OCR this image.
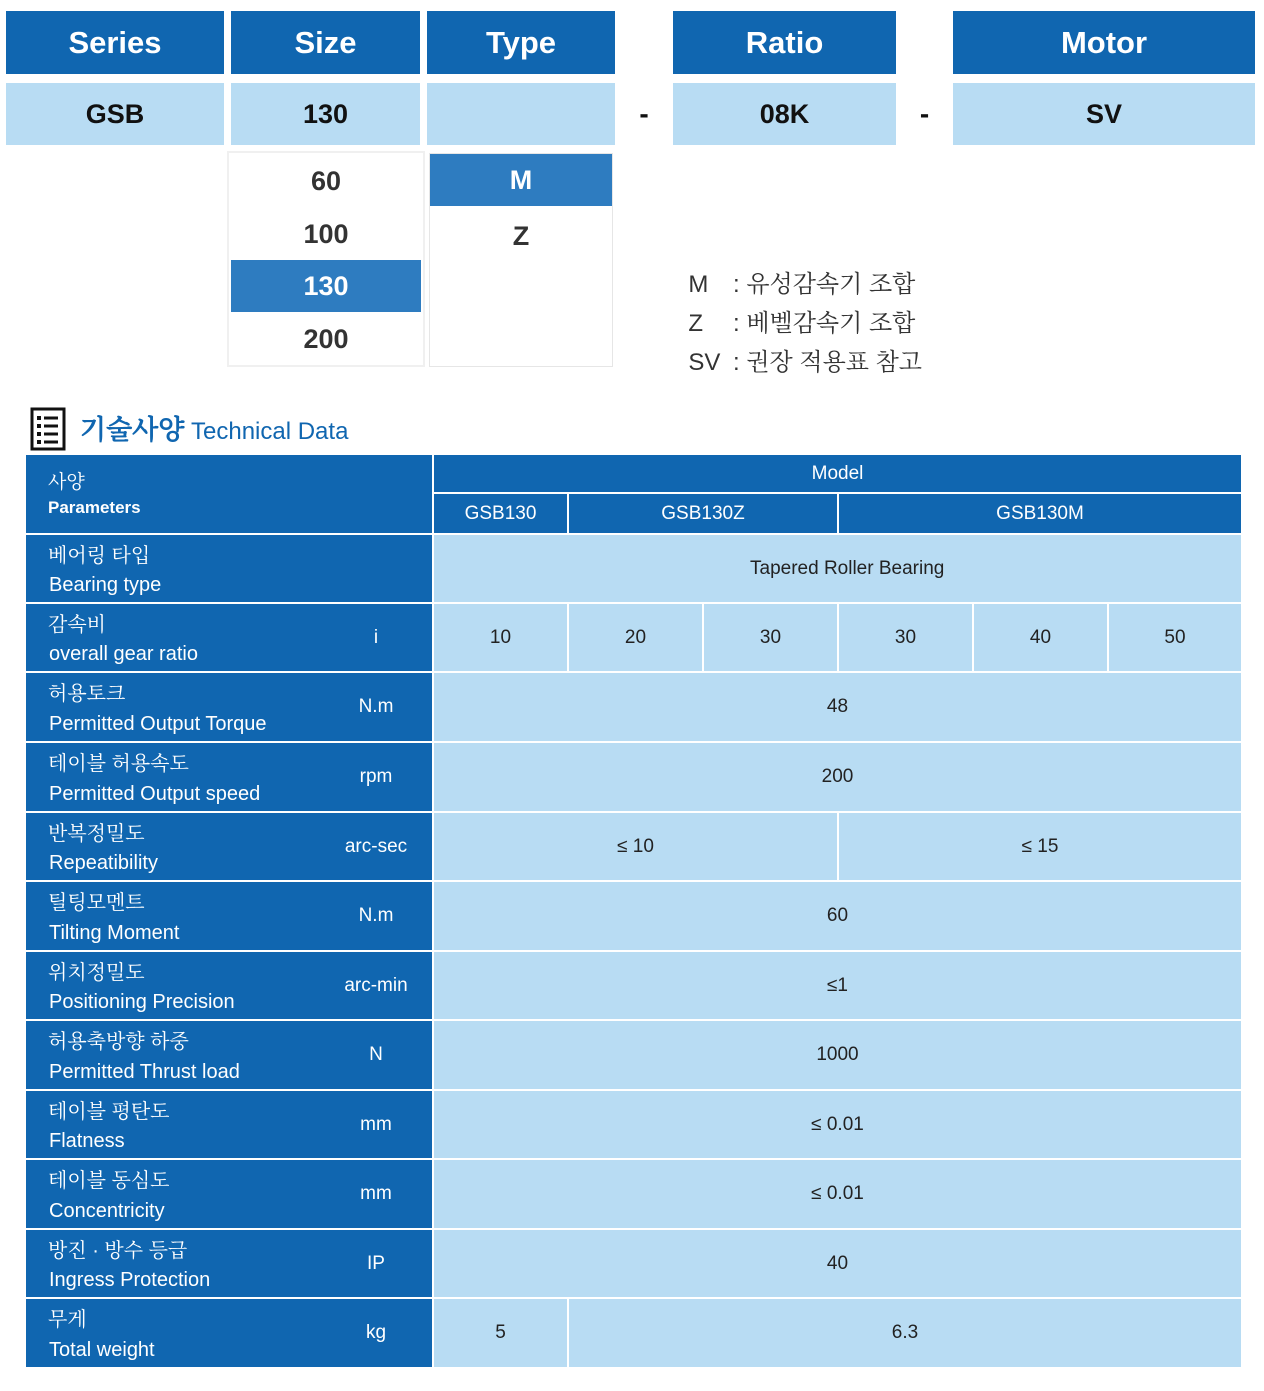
Series	Size	Type	Ratio	Motor
GSB	130	-	08K	-	SV
60
100
130
200
M
Z

M : 유성감속기 조합

Z : 베벨감속기 조합

SV : 권장 적용표 참고

기술사양 Technical Data
사양
Parameters
Model
GSB130	GSB130Z	GSB130M
베어링 타입
Bearing type
Tapered Roller Bearing
감속비
overall gear ratio
i	10	20	30	30	40	50
허용토크
Permitted Output Torque
N.m	48
테이블 허용속도
Permitted Output speed
rpm	200
반복정밀도
Repeatibility
arc-sec	≤ 10	≤ 15
틸팅모멘트
Tilting Moment
N.m	60
위치정밀도
Positioning Precision
arc-min	≤1
허용축방향 하중
Permitted Thrust load
N	1000
테이블 평탄도
Flatness
mm	≤ 0.01
테이블 동심도
Concentricity
mm	≤ 0.01
방진 · 방수 등급
Ingress Protection
IP	40
무게
Total weight
kg	5	6.3
